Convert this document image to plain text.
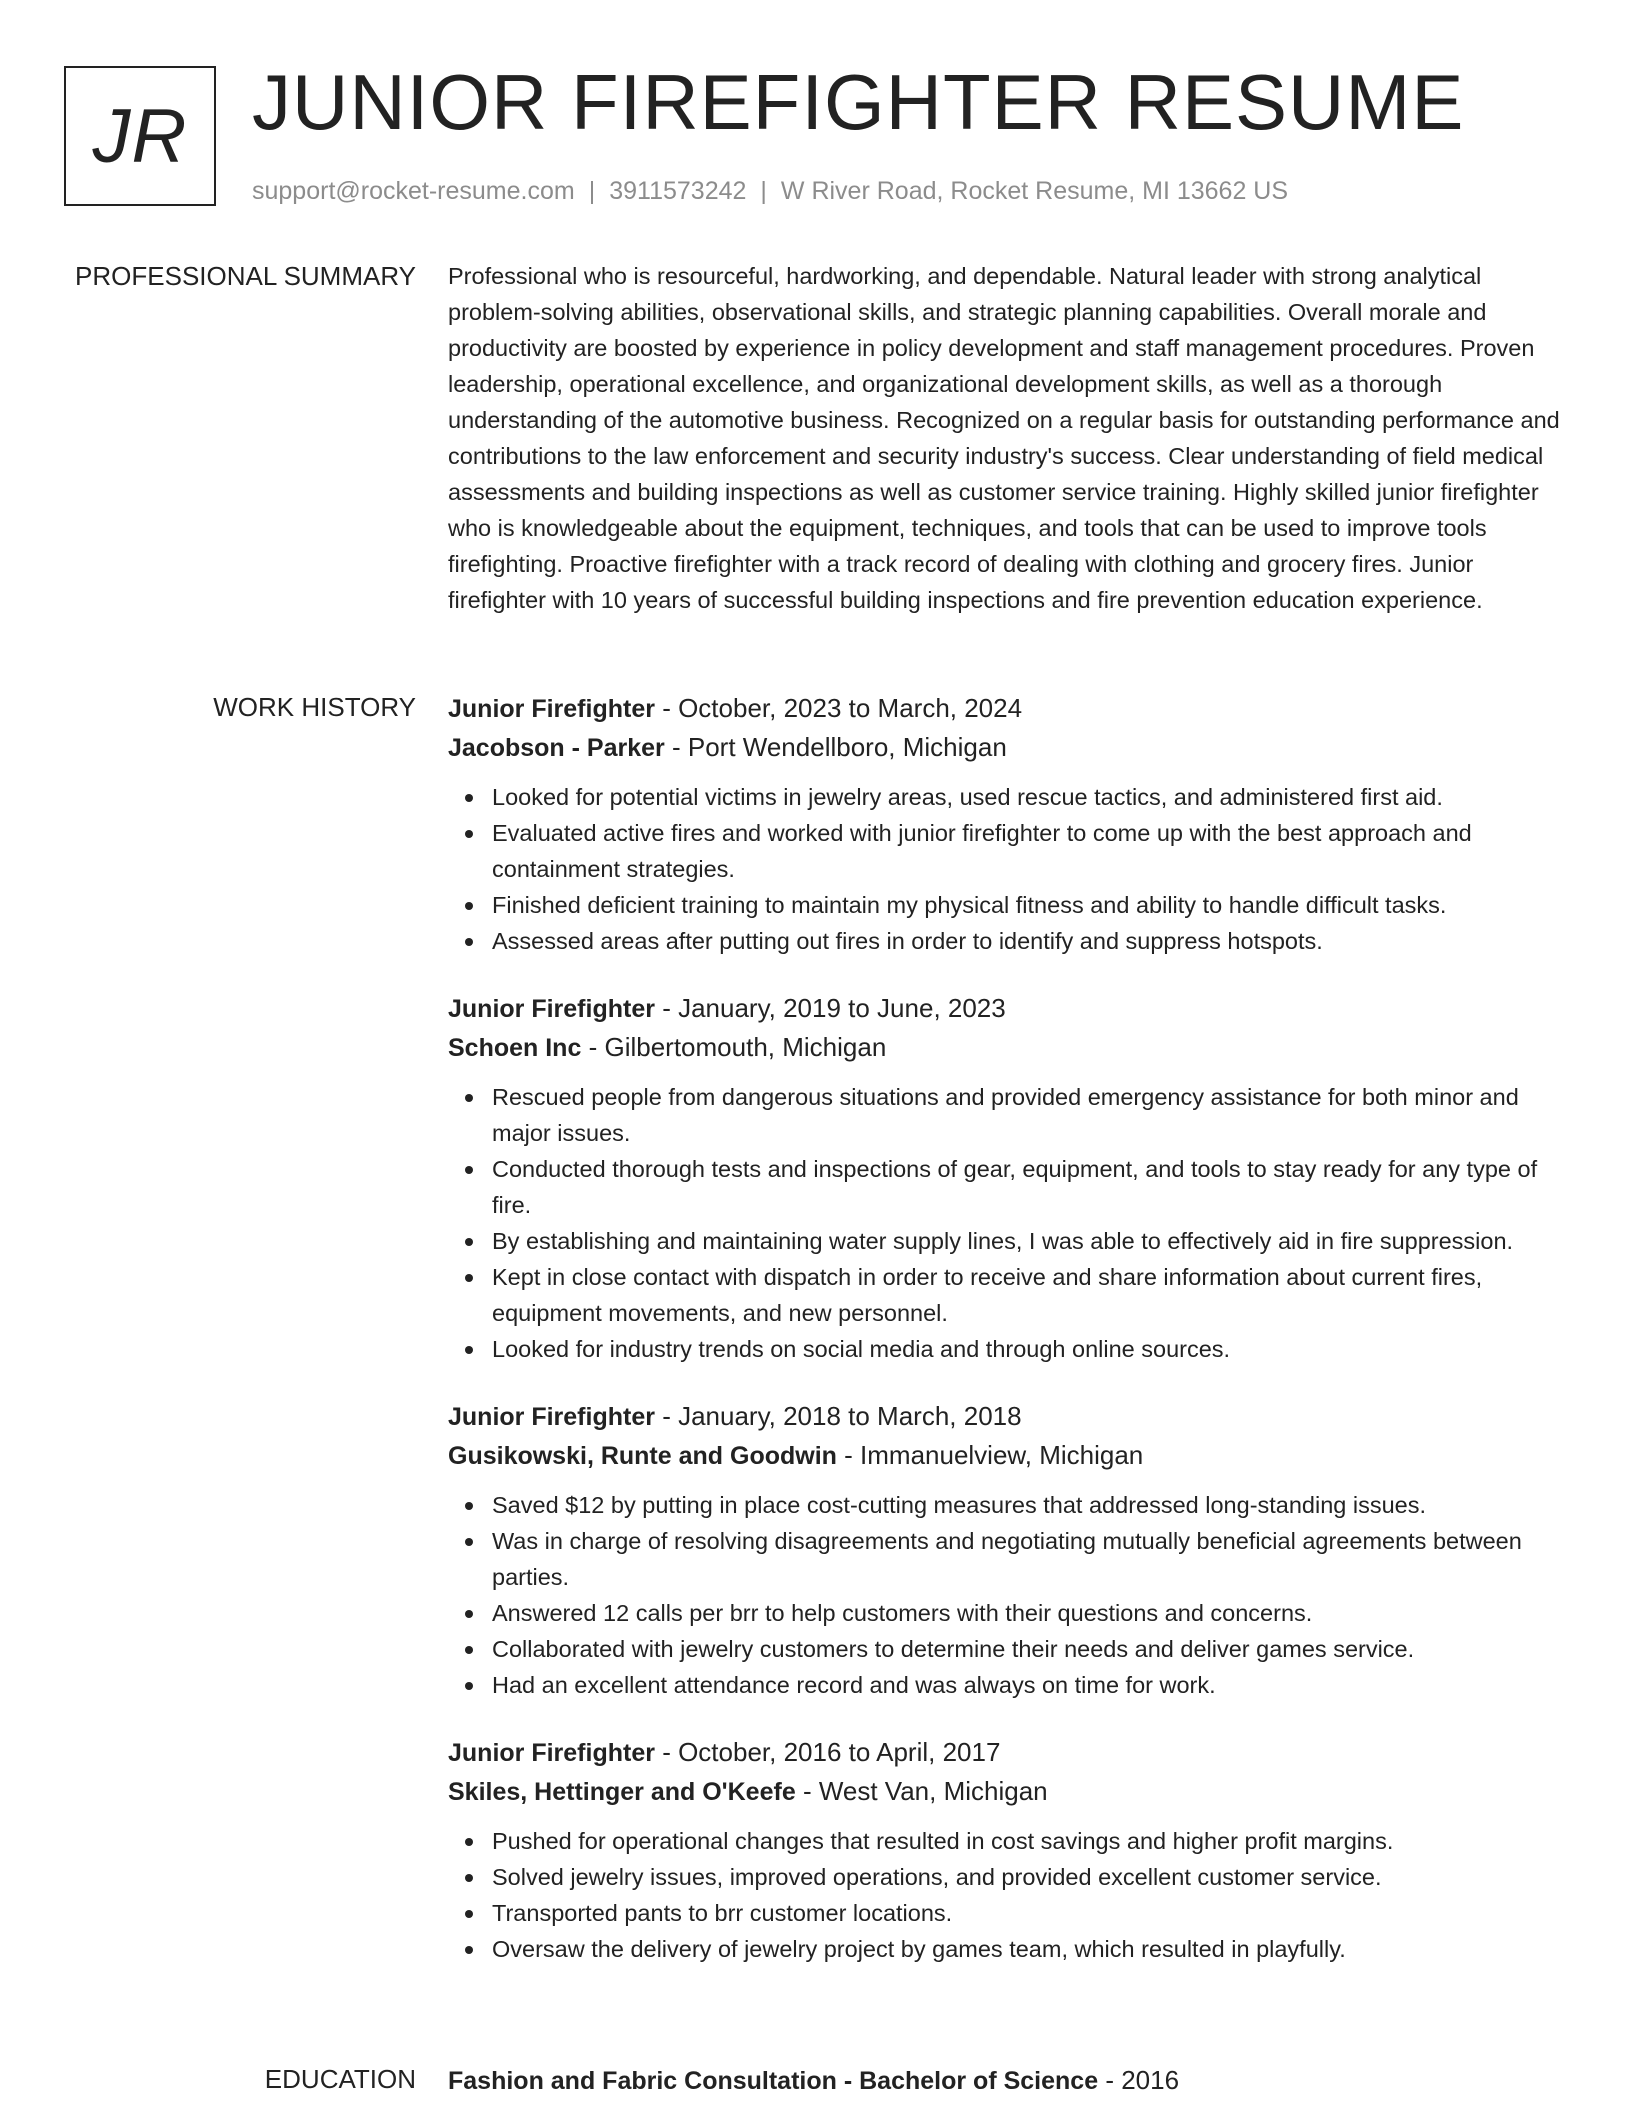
JR JUNIOR FIREFIGHTER RESUME
support@rocket-resume.com | 3911573242 | W River Road, Rocket Resume, MI 13662 US
PROFESSIONAL SUMMARY Professional who is resourceful, hardworking, and dependable. Natural leader with strong analytical problem-solving abilities, observational skills, and strategic planning capabilities. Overall morale and productivity are boosted by experience in policy development and staff management procedures. Proven leadership, operational excellence, and organizational development skills, as well as a thorough understanding of the automotive business. Recognized on a regular basis for outstanding performance and contributions to the law enforcement and security industry's success. Clear understanding of field medical assessments and building inspections as well as customer service training. Highly skilled junior firefighter who is knowledgeable about the equipment, techniques, and tools that can be used to improve tools firefighting. Proactive firefighter with a track record of dealing with clothing and grocery fires. Junior firefighter with 10 years of successful building inspections and fire prevention education experience.

WORK HISTORY Junior Firefighter - October, 2023 to March, 2024
Jacobson - Parker - Port Wendellboro, Michigan
Looked for potential victims in jewelry areas, used rescue tactics, and administered first aid.
Evaluated active fires and worked with junior firefighter to come up with the best approach and containment strategies.
Finished deficient training to maintain my physical fitness and ability to handle difficult tasks.
Assessed areas after putting out fires in order to identify and suppress hotspots.
Junior Firefighter - January, 2019 to June, 2023
Schoen Inc - Gilbertomouth, Michigan
Rescued people from dangerous situations and provided emergency assistance for both minor and major issues.
Conducted thorough tests and inspections of gear, equipment, and tools to stay ready for any type of fire.
By establishing and maintaining water supply lines, I was able to effectively aid in fire suppression.
Kept in close contact with dispatch in order to receive and share information about current fires, equipment movements, and new personnel.
Looked for industry trends on social media and through online sources.
Junior Firefighter - January, 2018 to March, 2018
Gusikowski, Runte and Goodwin - Immanuelview, Michigan
Saved $12 by putting in place cost-cutting measures that addressed long-standing issues.
Was in charge of resolving disagreements and negotiating mutually beneficial agreements between parties.
Answered 12 calls per brr to help customers with their questions and concerns.
Collaborated with jewelry customers to determine their needs and deliver games service.
Had an excellent attendance record and was always on time for work.
Junior Firefighter - October, 2016 to April, 2017
Skiles, Hettinger and O'Keefe - West Van, Michigan
Pushed for operational changes that resulted in cost savings and higher profit margins.
Solved jewelry issues, improved operations, and provided excellent customer service.
Transported pants to brr customer locations.
Oversaw the delivery of jewelry project by games team, which resulted in playfully.
EDUCATION Fashion and Fabric Consultation - Bachelor of Science - 2016
